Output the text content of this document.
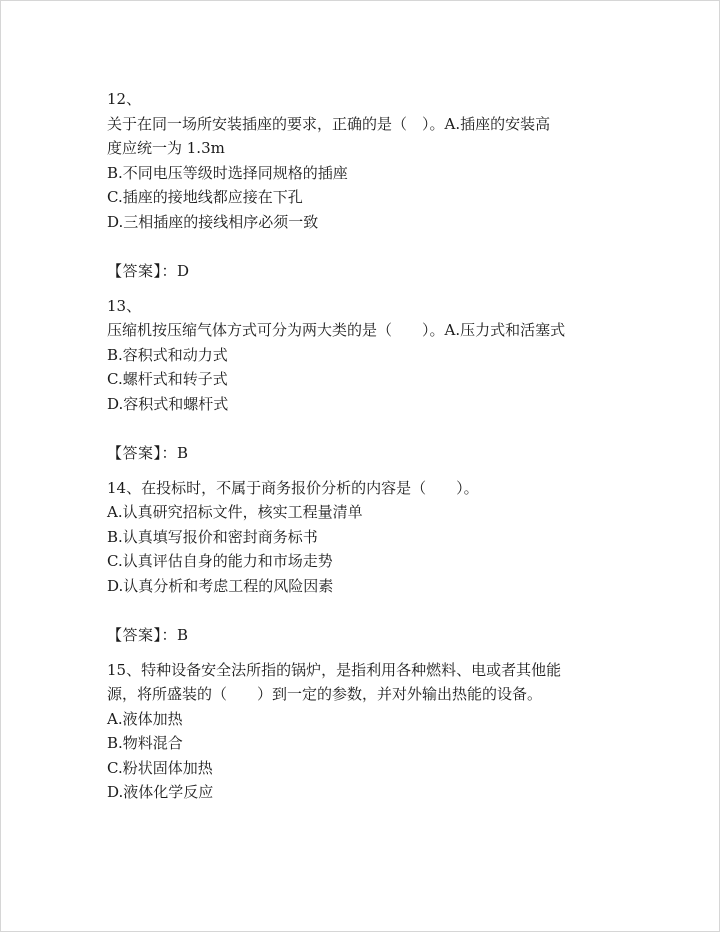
12、
关于在同一场所安装插座的要求，正确的是（　）。A.插座的安装高
度应统一为 1.3m
B.不同电压等级时选择同规格的插座
C.插座的接地线都应接在下孔
D.三相插座的接线相序必须一致
【答案】：D
13、
压缩机按压缩气体方式可分为两大类的是（　　）。A.压力式和活塞式
B.容积式和动力式
C.螺杆式和转子式
D.容积式和螺杆式
【答案】：B
14、在投标时，不属于商务报价分析的内容是（　　）。
A.认真研究招标文件，核实工程量清单
B.认真填写报价和密封商务标书
C.认真评估自身的能力和市场走势
D.认真分析和考虑工程的风险因素
【答案】：B
15、特种设备安全法所指的锅炉，是指利用各种燃料、电或者其他能
源，将所盛装的（　　）到一定的参数，并对外输出热能的设备。
A.液体加热
B.物料混合
C.粉状固体加热
D.液体化学反应
